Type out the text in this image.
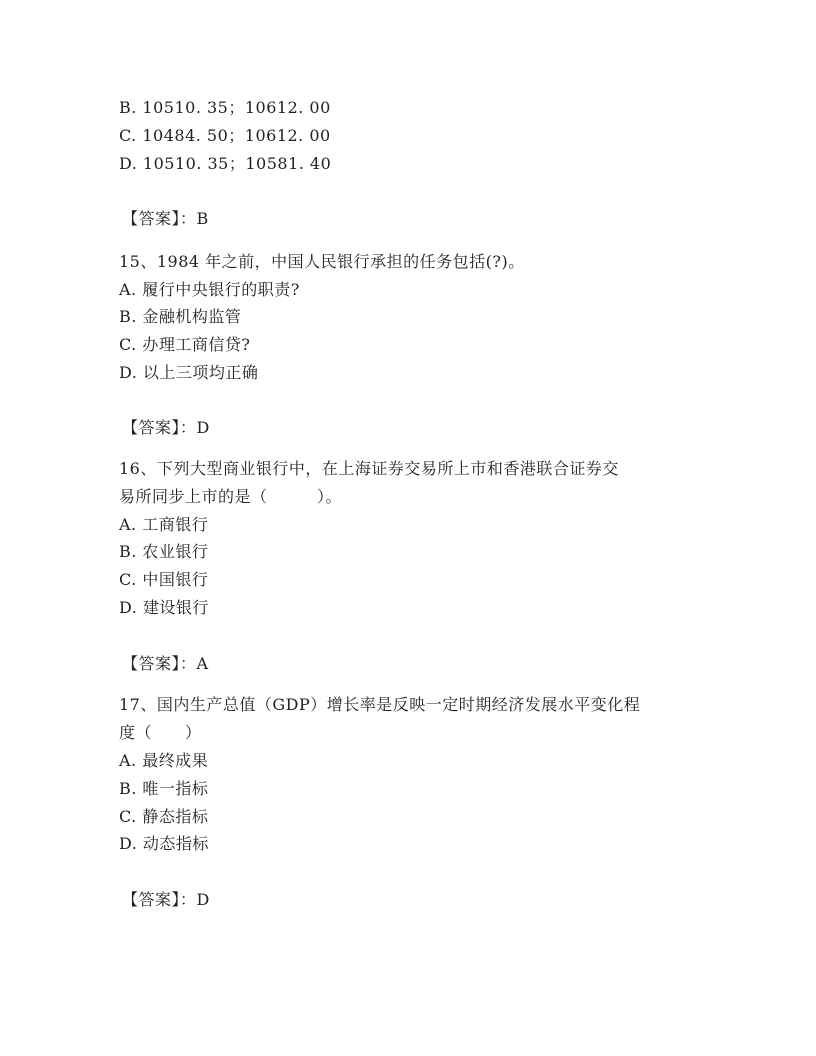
B. 10510. 35；10612. 00
C. 10484. 50；10612. 00
D. 10510. 35；10581. 40
【答案】：B
15、1984 年之前，中国人民银行承担的任务包括(?)。
A. 履行中央银行的职责?
B. 金融机构监管
C. 办理工商信贷?
D. 以上三项均正确
【答案】：D
16、下列大型商业银行中，在上海证券交易所上市和香港联合证券交
易所同步上市的是（　　　）。
A. 工商银行
B. 农业银行
C. 中国银行
D. 建设银行
【答案】：A
17、国内生产总值（GDP）增长率是反映一定时期经济发展水平变化程
度（　　）
A. 最终成果
B. 唯一指标
C. 静态指标
D. 动态指标
【答案】：D
